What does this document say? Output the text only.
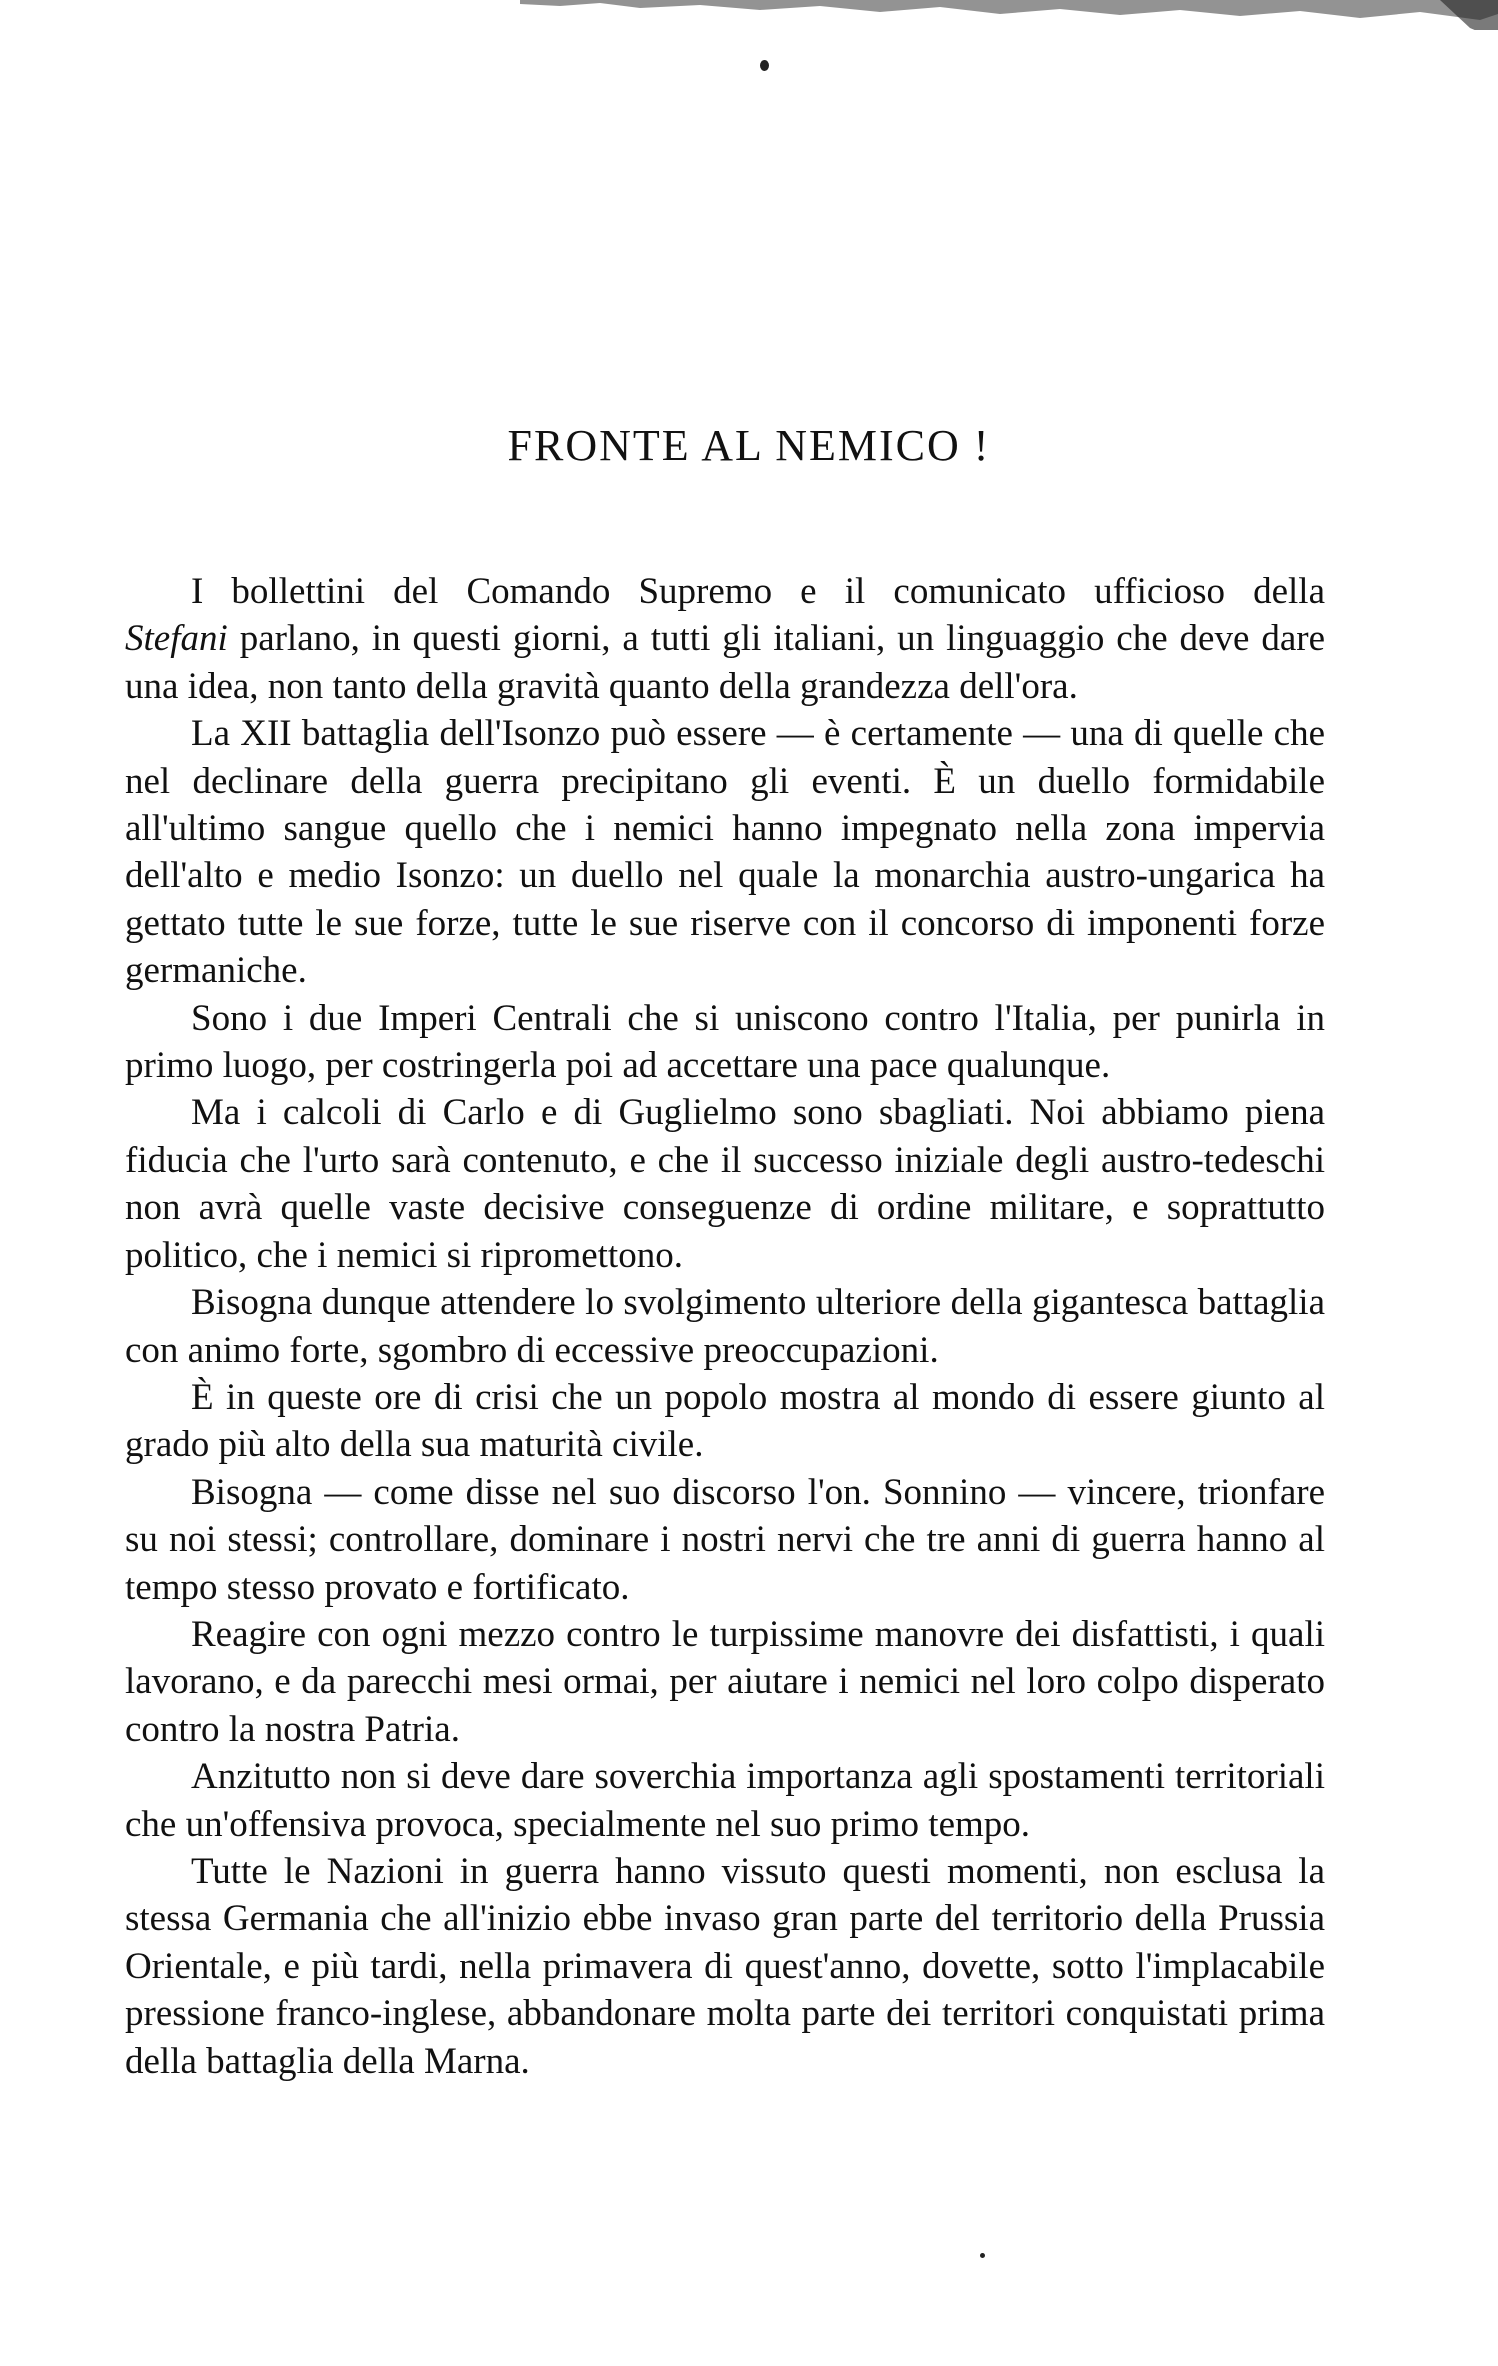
FRONTE AL NEMICO !

I bollettini del Comando Supremo e il comunicato ufficioso della

Stefani parlano, in questi giorni, a tutti gli italiani, un linguaggio che deve dare una idea, non tanto della gravità quanto della grandezza dell'ora.

La XII battaglia dell'Isonzo può essere — è certamente — una di quelle che nel declinare della guerra precipitano gli eventi. È un duello formidabile all'ultimo sangue quello che i nemici hanno impegnato nella zona impervia dell'alto e medio Isonzo: un duello nel quale la monarchia austro-ungarica ha gettato tutte le sue forze, tutte le sue riserve con il concorso di imponenti forze germaniche.

Sono i due Imperi Centrali che si uniscono contro l'Italia, per punirla in primo luogo, per costringerla poi ad accettare una pace qualunque.

Ma i calcoli di Carlo e di Guglielmo sono sbagliati. Noi abbiamo piena fiducia che l'urto sarà contenuto, e che il successo iniziale degli austro-tedeschi non avrà quelle vaste decisive conseguenze di ordine militare, e soprattutto politico, che i nemici si ripromettono.

Bisogna dunque attendere lo svolgimento ulteriore della gigantesca battaglia con animo forte, sgombro di eccessive preoccupazioni.

È in queste ore di crisi che un popolo mostra al mondo di essere giunto al grado più alto della sua maturità civile.

Bisogna — come disse nel suo discorso l'on. Sonnino — vincere, trionfare su noi stessi; controllare, dominare i nostri nervi che tre anni di guerra hanno al tempo stesso provato e fortificato.

Reagire con ogni mezzo contro le turpissime manovre dei disfattisti, i quali lavorano, e da parecchi mesi ormai, per aiutare i nemici nel loro colpo disperato contro la nostra Patria.

Anzitutto non si deve dare soverchia importanza agli spostamenti territoriali che un'offensiva provoca, specialmente nel suo primo tempo.

Tutte le Nazioni in guerra hanno vissuto questi momenti, non esclusa la stessa Germania che all'inizio ebbe invaso gran parte del territorio della Prussia Orientale, e più tardi, nella primavera di quest'anno, dovette, sotto l'implacabile pressione franco-inglese, abbandonare molta parte dei territori conquistati prima della battaglia della Marna.
